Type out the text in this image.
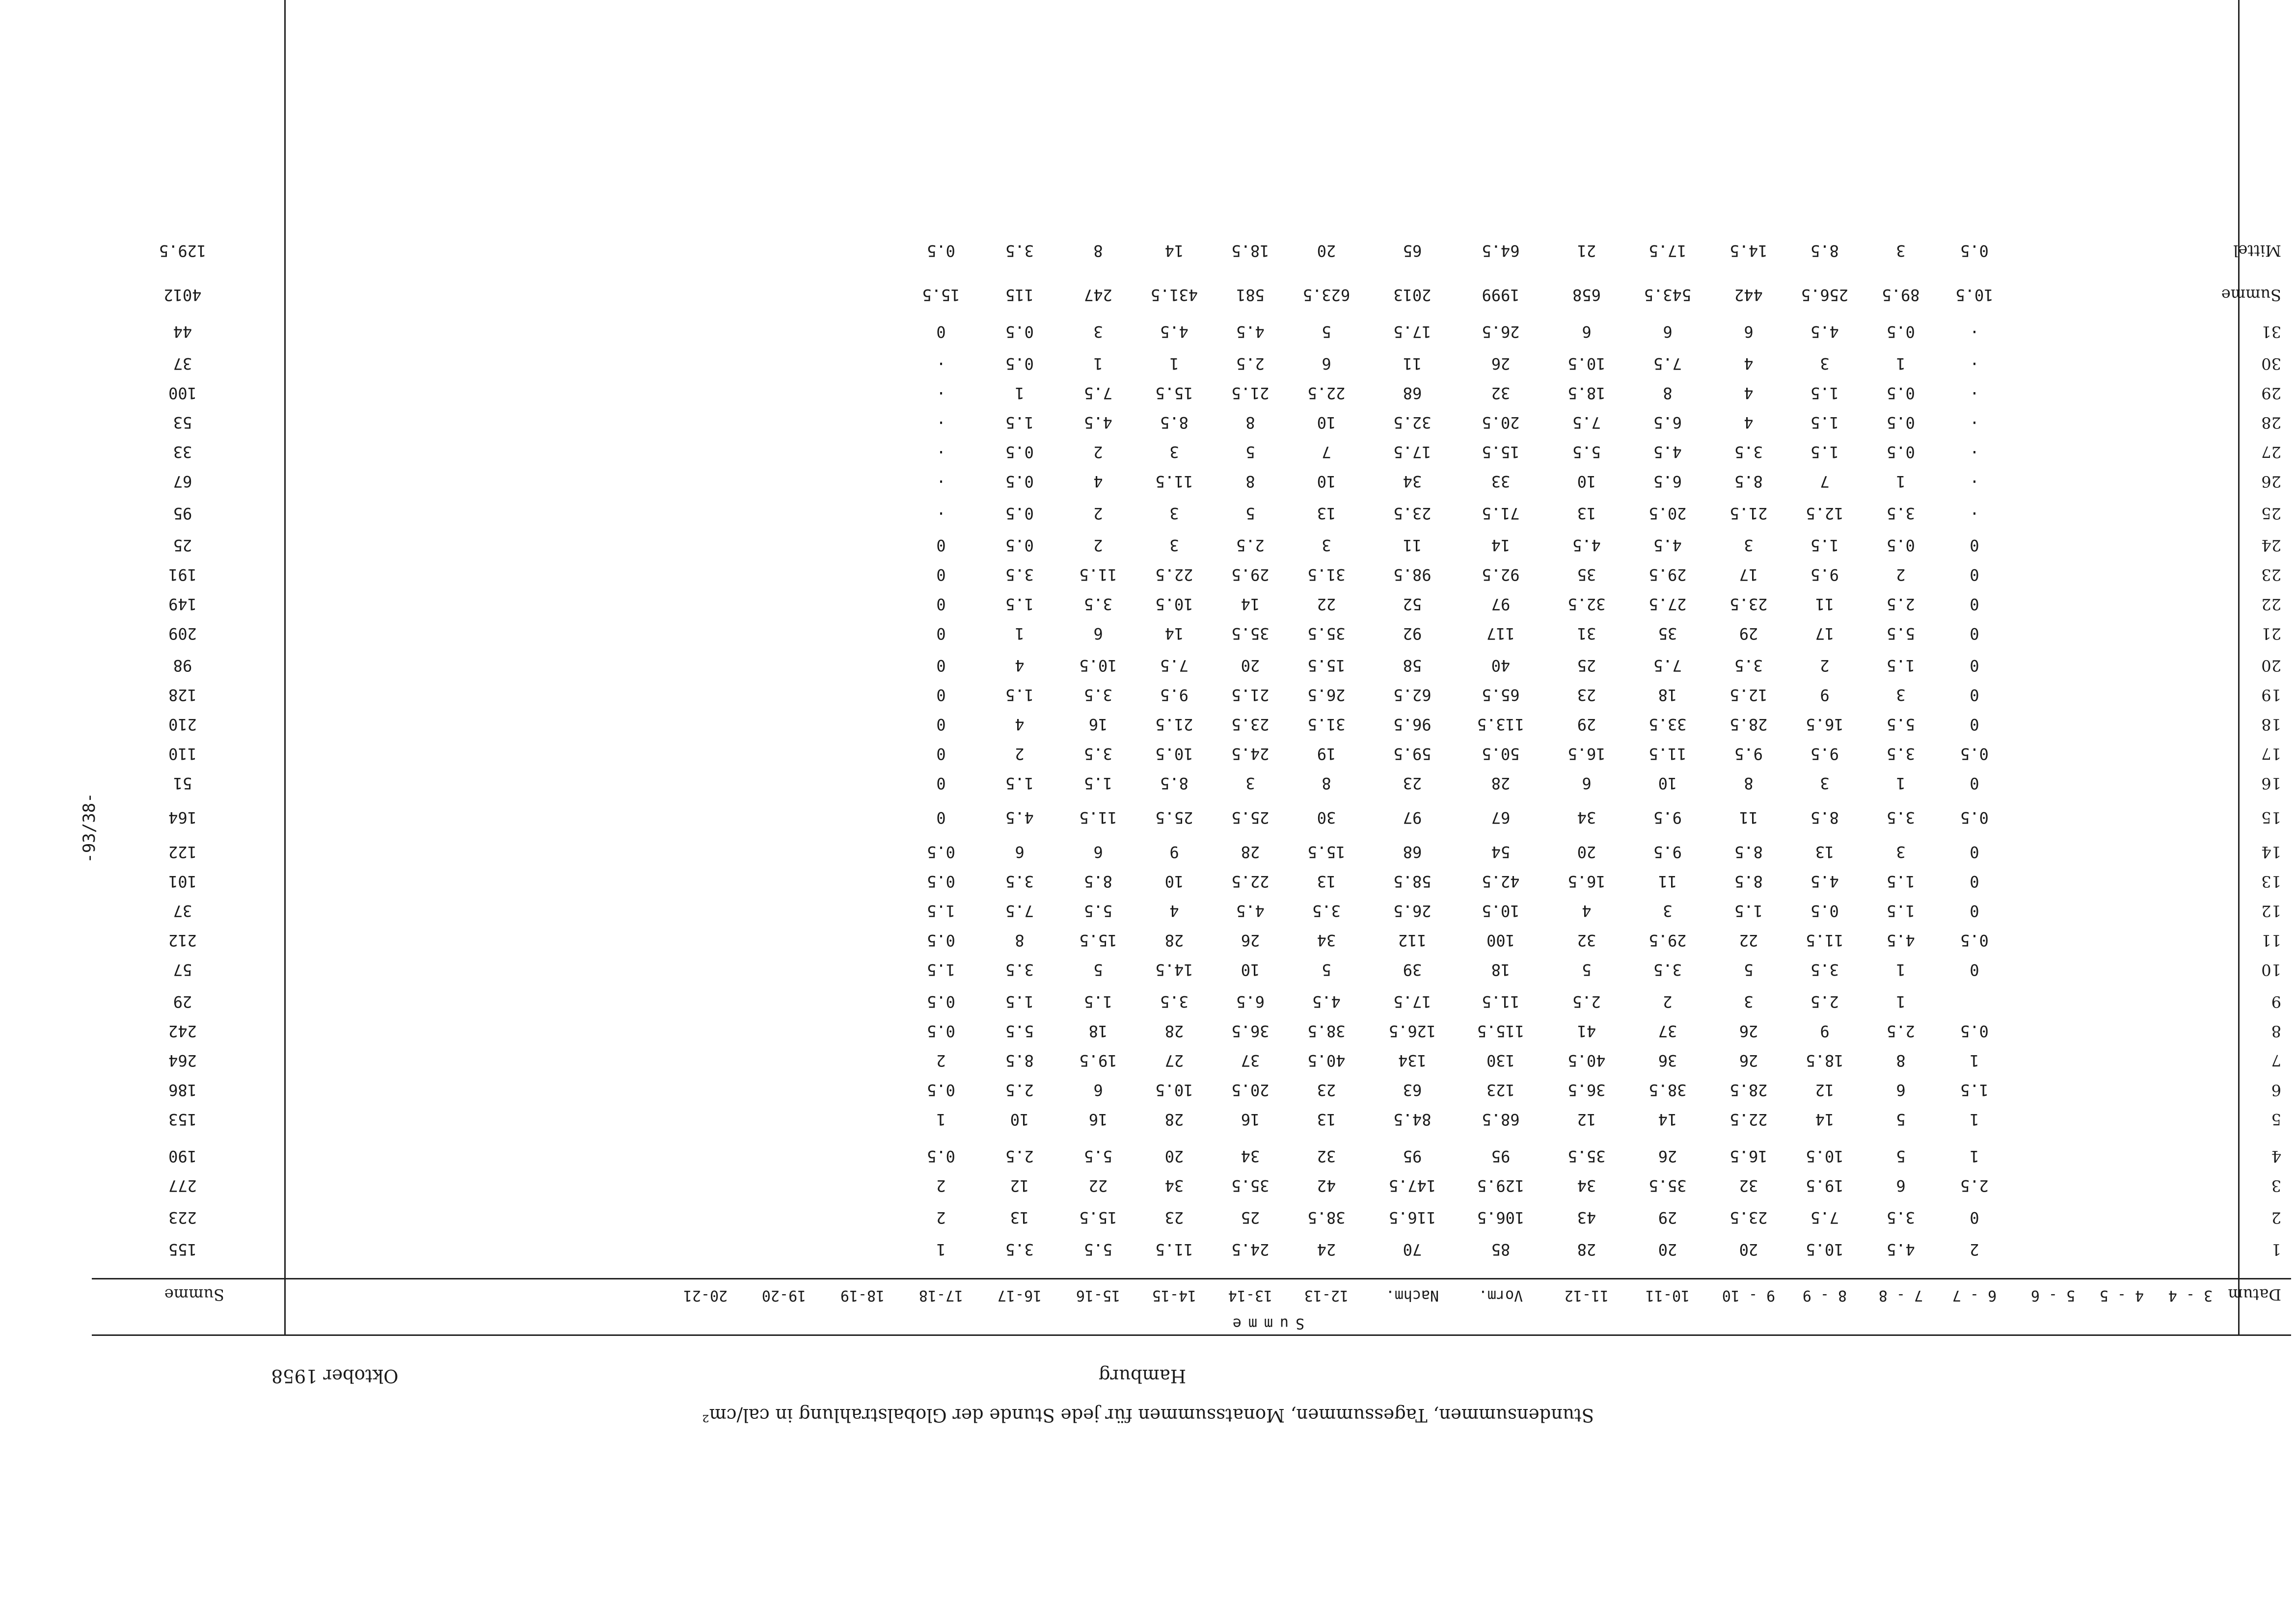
Stundensummen, Tagessummen, Monatssummen für jede Stunde der Globalstrahlung in cal/cm²
Hamburg
Oktober 1958
-93/38-
Summe
Datum
Summe	3 - 4
4 - 5
5 - 6
6 - 7
7 - 8
8 - 9
9 - 10
10-11
11-12
Vorm.
Nachm.
12-13
13-14
14-15
15-16
16-17
17-18
18-19
19-20
20-21
1
2
4.5
10.5
20
20
28
85
70
24
24.5
11.5
5.5
3.5
1
155
2
0
3.5
7.5
23.5
29
43
106.5
116.5
38.5
25
23
15.5
13
2
223
3
2.5
6
19.5
32
35.5
34
129.5
147.5
42
35.5
34
22
12
2
277
4
1
5
10.5
16.5
26
35.5
95
95
32
34
20
5.5
2.5
0.5
190
5
1
5
14
22.5
14
12
68.5
84.5
13
16
28
16
10
1
153
6
1.5
6
12
28.5
38.5
36.5
123
63
23
20.5
10.5
6
2.5
0.5
186
7
1
8
18.5
26
36
40.5
130
134
40.5
37
27
19.5
8.5
2
264
8
0.5
2.5
9
26
37
41
115.5
126.5
38.5
36.5
28
18
5.5
0.5
242
9
1
2.5
3
2
2.5
11.5
17.5
4.5
6.5
3.5
1.5
1.5
0.5
29
10
0
1
3.5
5
3.5
5
18
39
5
10
14.5
5
3.5
1.5
57
11
0.5
4.5
11.5
22
29.5
32
100
112
34
26
28
15.5
8
0.5
212
12
0
1.5
0.5
1.5
3
4
10.5
26.5
3.5
4.5
4
5.5
7.5
1.5
37
13
0
1.5
4.5
8.5
11
16.5
42.5
58.5
13
22.5
10
8.5
3.5
0.5
101
14
0
3
13
8.5
9.5
20
54
68
15.5
28
9
6
6
0.5
122
15
0.5
3.5
8.5
11
9.5
34
67
97
30
25.5
25.5
11.5
4.5
0
164
16
0
1
3
8
10
6
28
23
8
3
8.5
1.5
1.5
0
51
17
0.5
3.5
9.5
9.5
11.5
16.5
50.5
59.5
19
24.5
10.5
3.5
2
0
110
18
0
5.5
16.5
28.5
33.5
29
113.5
96.5
31.5
23.5
21.5
16
4
0
210
19
0
3
9
12.5
18
23
65.5
62.5
26.5
21.5
9.5
3.5
1.5
0
128
20
0
1.5
2
3.5
7.5
25
40
58
15.5
20
7.5
10.5
4
0
98
21
0
5.5
17
29
35
31
117
92
35.5
35.5
14
6
1
0
209
22
0
2.5
11
23.5
27.5
32.5
97
52
22
14
10.5
3.5
1.5
0
149
23
0
2
9.5
17
29.5
35
92.5
98.5
31.5
29.5
22.5
11.5
3.5
0
191
24
0
0.5
1.5
3
4.5
4.5
14
11
3
2.5
3
2
0.5
0
25
25
·
3.5
12.5
21.5
20.5
13
71.5
23.5
13
5
3
2
0.5
·
95
26
·
1
7
8.5
6.5
10
33
34
10
8
11.5
4
0.5
·
67
27
·
0.5
1.5
3.5
4.5
5.5
15.5
17.5
7
5
3
2
0.5
·
33
28
·
0.5
1.5
4
6.5
7.5
20.5
32.5
10
8
8.5
4.5
1.5
·
53
29
·
0.5
1.5
4
8
18.5
32
68
22.5
21.5
15.5
7.5
1
·
100
30
·
1
3
4
7.5
10.5
26
11
6
2.5
1
1
0.5
·
37
31
·
0.5
4.5
6
6
6
26.5
17.5
5
4.5
4.5
3
0.5
0
44
Summe
10.5
89.5
256.5
442
543.5
658
1999
2013
623.5
581
431.5
247
115
15.5
4012
Mittel
0.5
3
8.5
14.5
17.5
21
64.5
65
20
18.5
14
8
3.5
0.5
129.5
